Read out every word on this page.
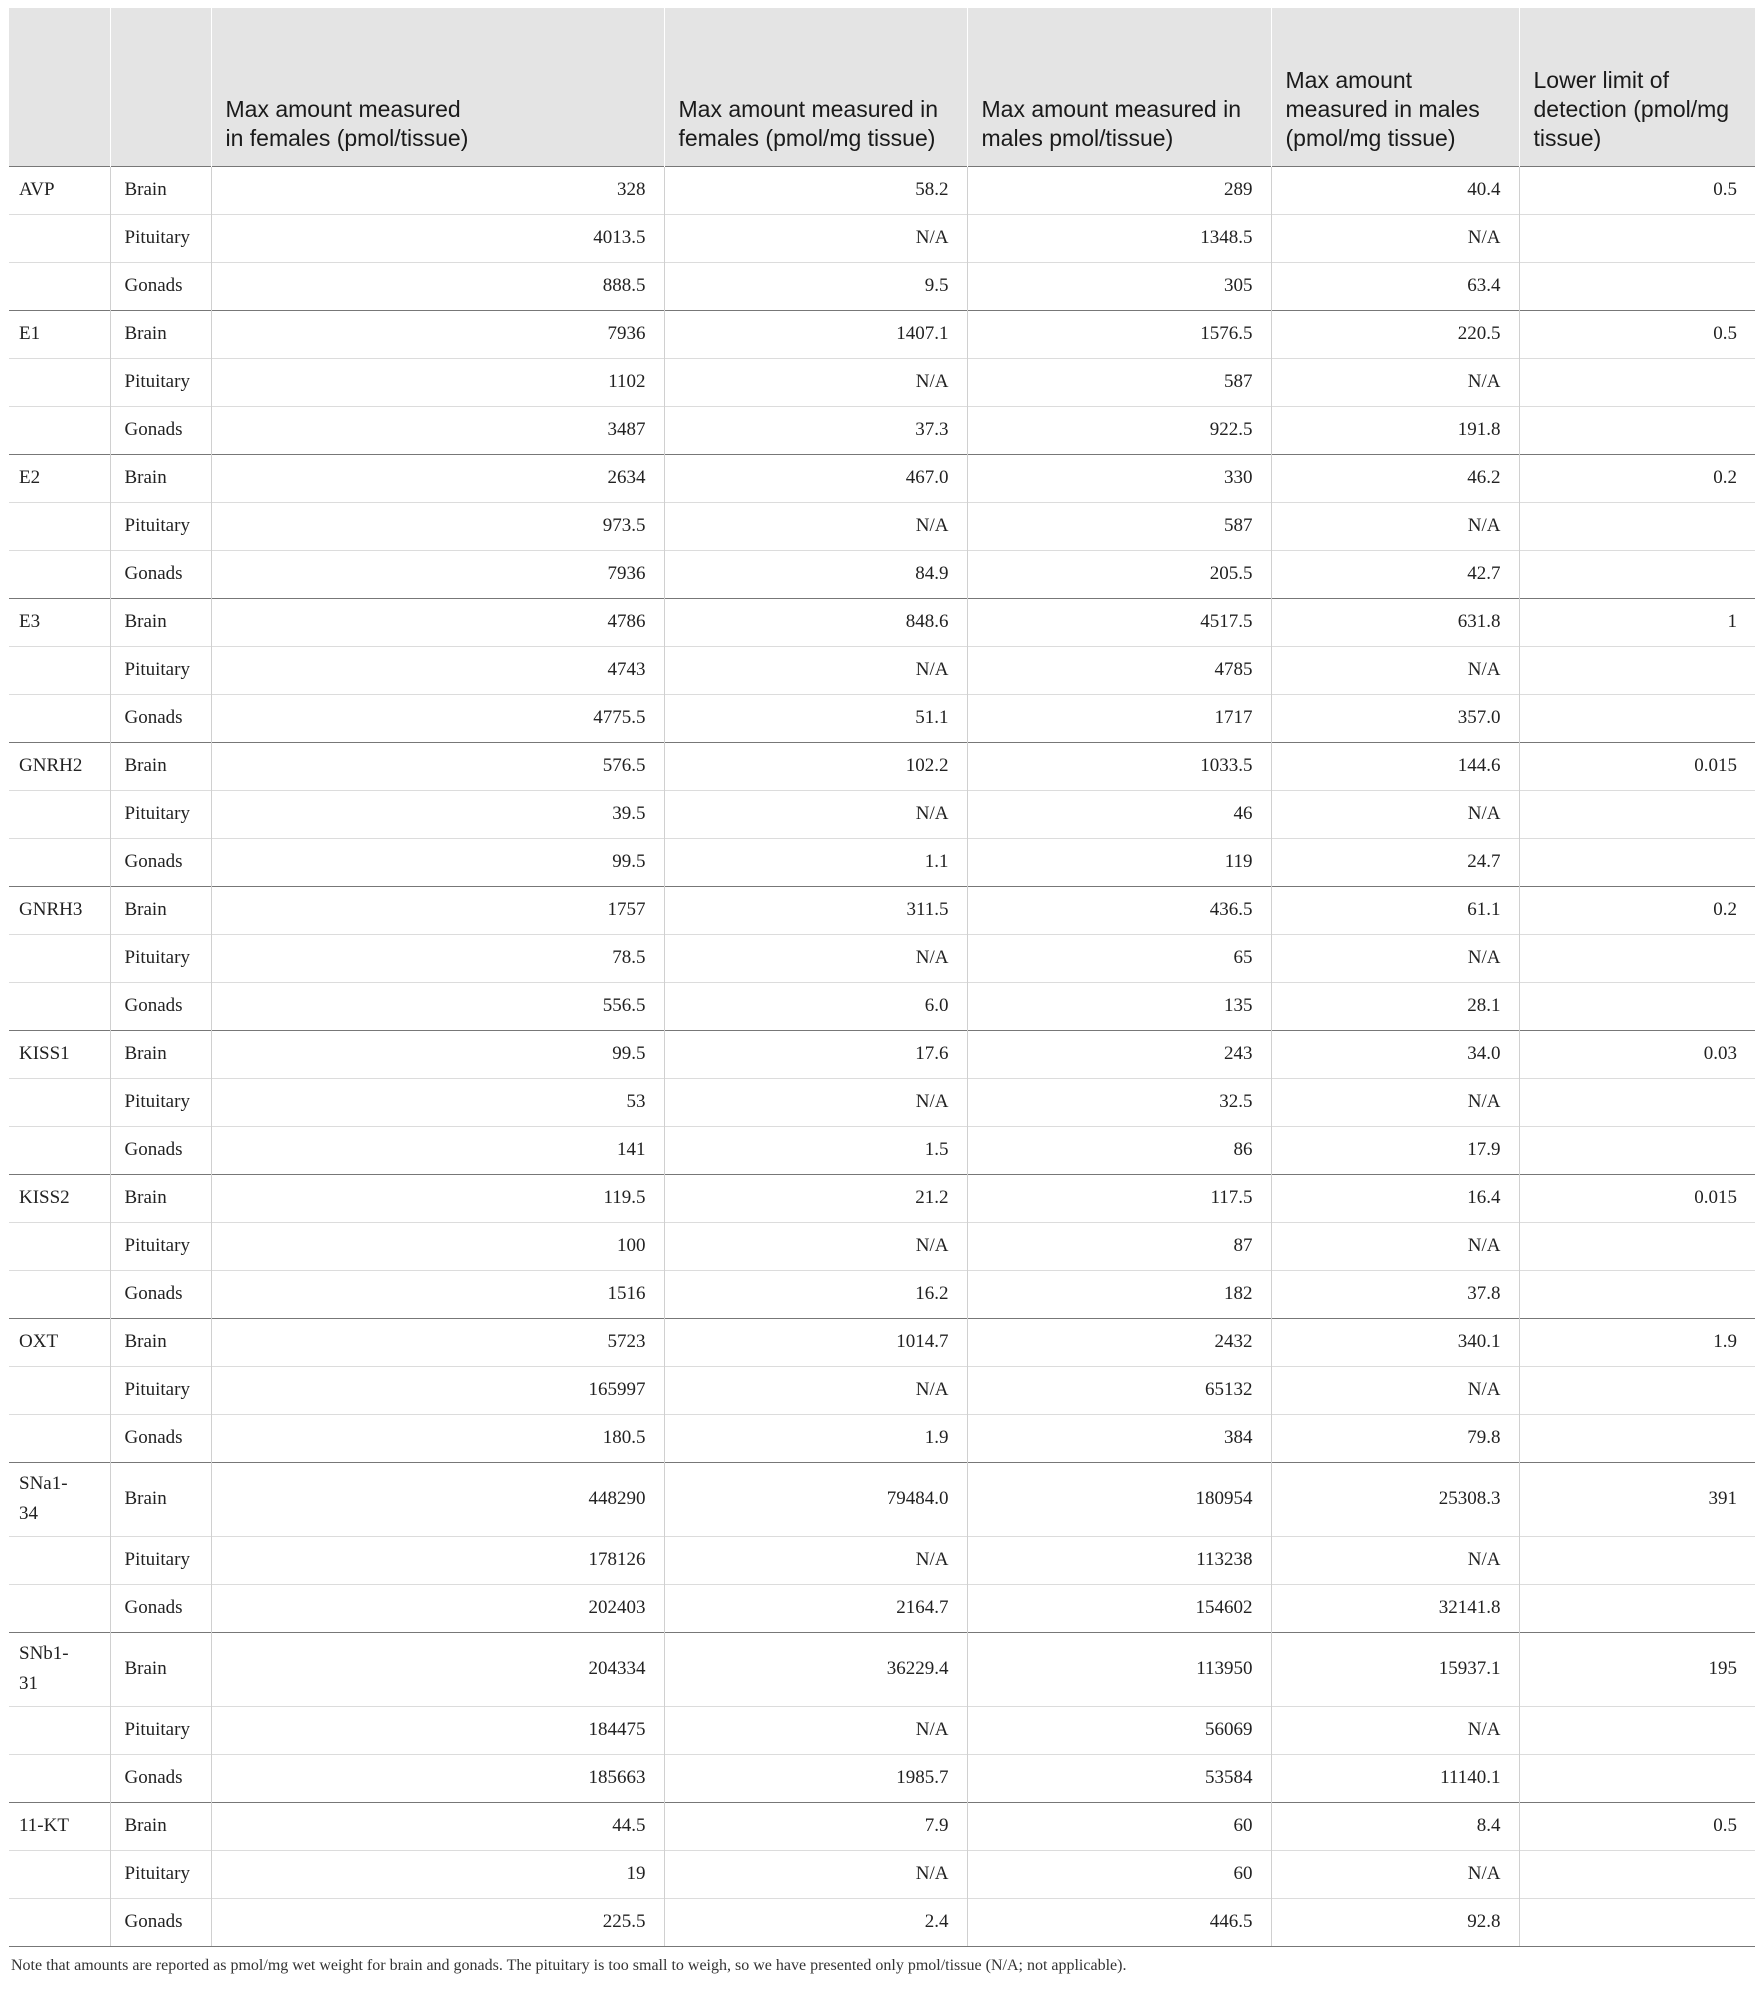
		Max amount measured in females (pmol/tissue)	Max amount measured in females (pmol/mg tissue)	Max amount measured in males pmol/tissue)	Max amount measured in males (pmol/mg tissue)	Lower limit of detection (pmol/mg tissue)
AVP	Brain	328	58.2	289	40.4	0.5
	Pituitary	4013.5	N/A	1348.5	N/A	
	Gonads	888.5	9.5	305	63.4	
E1	Brain	7936	1407.1	1576.5	220.5	0.5
	Pituitary	1102	N/A	587	N/A	
	Gonads	3487	37.3	922.5	191.8	
E2	Brain	2634	467.0	330	46.2	0.2
	Pituitary	973.5	N/A	587	N/A	
	Gonads	7936	84.9	205.5	42.7	
E3	Brain	4786	848.6	4517.5	631.8	1
	Pituitary	4743	N/A	4785	N/A	
	Gonads	4775.5	51.1	1717	357.0	
GNRH2	Brain	576.5	102.2	1033.5	144.6	0.015
	Pituitary	39.5	N/A	46	N/A	
	Gonads	99.5	1.1	119	24.7	
GNRH3	Brain	1757	311.5	436.5	61.1	0.2
	Pituitary	78.5	N/A	65	N/A	
	Gonads	556.5	6.0	135	28.1	
KISS1	Brain	99.5	17.6	243	34.0	0.03
	Pituitary	53	N/A	32.5	N/A	
	Gonads	141	1.5	86	17.9	
KISS2	Brain	119.5	21.2	117.5	16.4	0.015
	Pituitary	100	N/A	87	N/A	
	Gonads	1516	16.2	182	37.8	
OXT	Brain	5723	1014.7	2432	340.1	1.9
	Pituitary	165997	N/A	65132	N/A	
	Gonads	180.5	1.9	384	79.8	

SNa1-34	Brain	448290	79484.0	180954	25308.3	391
	Pituitary	178126	N/A	113238	N/A	
	Gonads	202403	2164.7	154602	32141.8	

SNb1-31	Brain	204334	36229.4	113950	15937.1	195
	Pituitary	184475	N/A	56069	N/A	
	Gonads	185663	1985.7	53584	11140.1	
11-KT	Brain	44.5	7.9	60	8.4	0.5
	Pituitary	19	N/A	60	N/A	
	Gonads	225.5	2.4	446.5	92.8	
Note that amounts are reported as pmol/mg wet weight for brain and gonads. The pituitary is too small to weigh, so we have presented only pmol/tissue (N/A; not applicable).
